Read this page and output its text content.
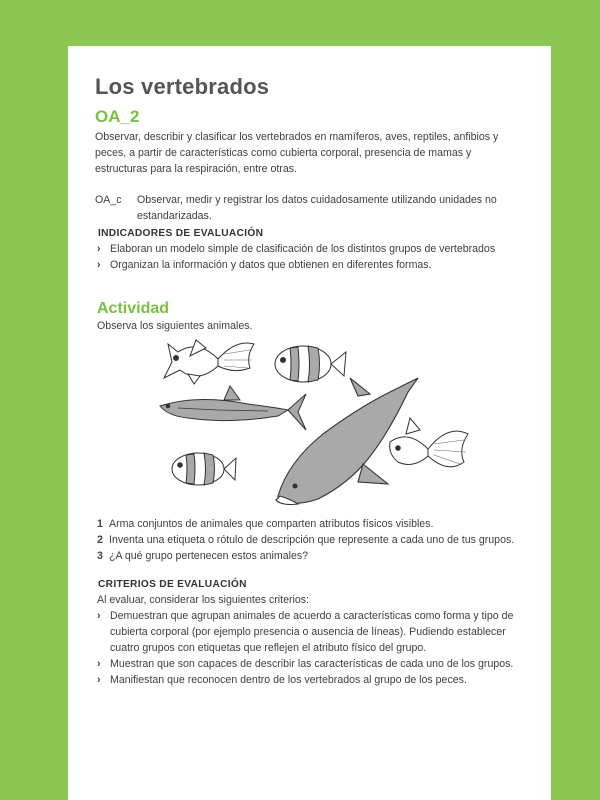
Los vertebrados
OA_2

Observar, describir y clasificar los vertebrados en mamíferos, aves, reptiles, anfibios y peces, a partir de características como cubierta corporal, presencia de mamas y estructuras para la respiración, entre otras.

OA_c	Observar, medir y registrar los datos cuidadosamente utilizando unidades no estandarizadas.

INDICADORES DE EVALUACIÓN
› Elaboran un modelo simple de clasificación de los distintos grupos de vertebrados
› Organizan la información y datos que obtienen en diferentes formas.
Actividad

Observa los siguientes animales.

1 Arma conjuntos de animales que comparten atributos físicos visibles.
2 Inventa una etiqueta o rótulo de descripción que represente a cada uno de tus grupos.
3 ¿A qué grupo pertenecen estos animales?
CRITERIOS DE EVALUACIÓN

Al evaluar, considerar los siguientes criterios:

› Demuestran que agrupan animales de acuerdo a características como forma y tipo de cubierta corporal (por ejemplo presencia o ausencia de líneas). Pudiendo establecer cuatro grupos con etiquetas que reflejen el atributo físico del grupo.
› Muestran que son capaces de describir las características de cada uno de los grupos.
› Manifiestan que reconocen dentro de los vertebrados al grupo de los peces.
